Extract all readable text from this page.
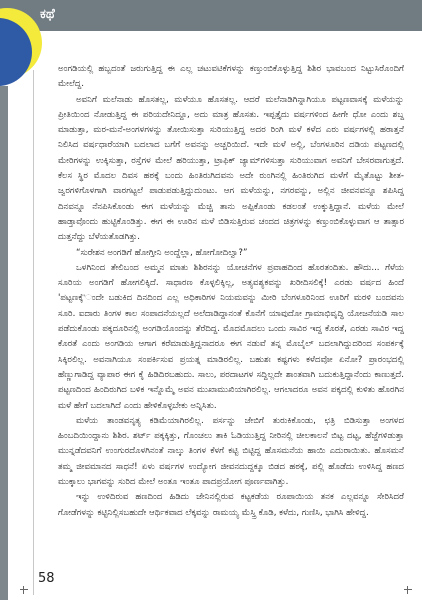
ಕಥೆ

ಅಂಗಡಿಯಲ್ಲಿ ಹಬ್ಬದಂತೆ ಜರುಗುತ್ತಿದ್ದ ಈ ಎಲ್ಲ ಚಟುವಟಿಕೆಗಳನ್ನು ಕಣ್ತುಂಬಿಕೊಳ್ಳುತ್ತಿದ್ದ ಶಿಶಿರ ಭಾವಬಂದ ನಿಟ್ಟುಸಿರೊಂದಿಗೆ ಮೇಲೆದ್ದ.

ಅವನಿಗೆ ಮಲೆನಾಡು ಹೊಸತಲ್ಲ, ಮಳೆಯೂ ಹೊಸತಲ್ಲ. ಆದರೆ ಮಲೆನಾಡಿಗಿನ್ನಾಗಿಯೂ ಪಟ್ಟಣವಾಸಕ್ಕೆ ಮಳೆಯನ್ನು ಪ್ರೀತಿಯಿಂದ ನೋಡುತ್ತಿದ್ದ ಈ ಪರಿಯದೇನಿದ್ದೂ, ಅದು ಮಾತ್ರ ಹೊಸತು. ಇಪ್ಪತ್ತೈದು ವರ್ಷಗಳಿಂದ ಹೀಗೇ ಧೋ ಎಂದು ಶಬ್ದ ಮಾಡುತ್ತಾ, ಮರ-ಮನೆ-ಅಂಗಳಗಳನ್ನು ತೋಯಿಸುತ್ತಾ ಸುರಿಯುತ್ತಿದ್ದ ಅದರ ರಿಂಗಿ ಮಳೆ ಕಳೆದ ಎರು ವರ್ಷಗಳಲ್ಲಿ ಹಠಾತ್ತನೆ ನಿಲಿಸಿದ ವರ್ಷಧಾರೆಯಾಗಿ ಬದಲಾದ ಬಗೆಗೆ ಅವನನ್ನು ಅಚ್ಚರಿಯಿದೆ. ಇದೇ ಮಳೆ ಅಲ್ಲಿ, ಬೆಂಗಳೂರಿನ ದಡಿಯ ಪಟ್ಟಣದಲ್ಲಿ ಮೇರಿಗಳನ್ನು ಉಕ್ಕಿಸುತ್ತಾ, ರಸ್ತೆಗಳ ಮೇಲೆ ಹರಿಯುತ್ತಾ, ಟ್ರಾಫಿಕ್ ಜ್ಯಾಮ್‌ಗಳಿಸುತ್ತಾ ಸುರಿಯುವಾಗ ಅವನಿಗೆ ಬೇಸರವಾಗುತ್ತದೆ. ಕೆಲಸ ಸ್ಥಿರ ಮೊದಲ ದಿವಸ ಹಠಕ್ಕೆ ಬಂದು ಹಿಂತಿರುಗಿದವನು ಅದೇ ರುಂಗಿನಲ್ಲಿ ಹಿಂತಿರುಗಿದ ಮಳೆಗೆ ಮೈತೊಟ್ಟು ಶೀತ-ಜ್ವರಗಳಿಗೊಳಗಾಗಿ ವಾರಗಟ್ಟಲೆ ಪಾಡುಪಡುತ್ತಿದ್ದುದುಂಟು. ಆಗ ಮಳೆಯನ್ನು, ನಗರವನ್ನು, ಅಲ್ಲಿನ ಜೀವನವನ್ನೂ ಶಪಿಸಿದ್ದ ದಿನವನ್ನೂ ನೆನಪಿಸಿಕೊಂಡು ಈಗ ಮಳೆಯನ್ನು ಮೆಚ್ಚಿ ತಾನು ಅಪ್ಪಿಕೊಂಡು ಕಡಲಂತೆ ಉಕ್ಕುತ್ತಿದ್ದಾನೆ. ಮಳೆಯ ಮೇಲೆ ಹಾಡ್ತಾವೊಂದು ಹುಟ್ಟಿಕೊಂಡಿತ್ತು. ಈಗ ಈ ಊರಿನ ಮಳೆ ಬಿಡಿಸುತ್ತಿರುವ ಚಂದದ ಚಿತ್ರಗಳನ್ನು ಕಣ್ತುಂಬಿಕೊಳ್ಳುವಾಗ ಆ ತಾತ್ಸಾರ ದುತ್ತನೆದ್ದು ಬೆಳೆಯತೊಡಗಿತ್ತು.

“ಸುರೇಶನ ಅಂಗಡಿಗೆ ಹೋಗ್ತೀನಿ ಅಂದ್ದೆಲ್ಲಾ, ಹೋಗೋದಿಲ್ವಾ?”

ಒಳಗಿನಿಂದ ತೇಲಿಬಂದ ಅಮ್ಮನ ಮಾತು ಶಿಶಿರನನ್ನು ಯೋಚನೆಗಳ ಪ್ರವಾಹದಿಂದ ಹೊರತಂದಿತು. ಹೌದು... ಗೆಳೆಯ ಸೂರಿಯ ಅಂಗಡಿಗೆ ಹೋಗಲಿಕ್ಕಿದೆ. ಸಾಧಾರಣ ಕೊಳ್ಳಲಿಕ್ಕಿಲ್ಲ, ಅತ್ಯವಶ್ಯಕವನ್ನು ಖರೀದಿಸಲಿಕ್ಕೆ! ಎರಡು ವರ್ಷದ ಹಿಂದೆ 'ಪಟ್ಟಣಕ್ಕೆ'ಂದೇ ಬಡುಕಿದ ದಿನದಿಂದ ಎಲ್ಲ ಅಧಿಕಾರಿಗಳ ನಿಯಮವನ್ನು ಮೀರಿ ಬೆಂಗಳೂರಿನಿಂದ ಊರಿಗೆ ಮರಳಿ ಬಂದವನು ಸೂರಿ. ಐದಾರು ತಿಂಗಳ ಕಾಲ ಸಂಪಾದನೆಯಲ್ಲದೆ ಅಲೆದಾಡಿದ್ದಾನಂತೆ ಕೊನೆಗೆ ಯಾವುದೋ ಗ್ರಾಮಾಭಿವೃದ್ಧಿ ಯೋಜನೆಯಡಿ ಸಾಲ ಪಡೆದುಕೊಂಡು ಪಕ್ಕದೂರಿನಲ್ಲಿ ಅಂಗಡಿಯೊಂದನ್ನು ತೆರೆದಿದ್ದ. ಮೊದಮೊದಲು ಒಂದು ಸಾವಿರ ಇದ್ದ ಕೊರತೆ, ಎರಡು ಸಾವಿರ ಇದ್ದ ಕೊರತೆ ಎಂದು ಅಂಗಡಿಯ ಆಗಾಗ ಕರೆಮಾಡುತ್ತಿದ್ದನಾದರೂ ಈಗ ನಡುವೆ ತನ್ನ ಮೊಬೈಲ್ ಬದಲಾಗಿದ್ದುದರಿಂದ ಸಂಪರ್ಕಕ್ಕೆ ಸಿಕ್ಕಿರಲಿಲ್ಲ. ಅವನಾಗಿಯೂ ಸಂಪರ್ಕಿಸುವ ಪ್ರಯತ್ನ ಮಾಡಿರಲಿಲ್ಲ. ಬಹುಶಃ ಕಷ್ಟಗಳು ಕಳೆದವೋ ಏನೋ? ಪ್ರಾರಂಭದಲ್ಲಿ ಹೆಣ್ಣುಗಾಡಿದ್ದ ವ್ಯಾಪಾರ ಈಗ ಕೈ ಹಿಡಿದಿರಬಹುದು. ಸಾಲು, ಪರದಾಟಗಳ ಸದ್ದಿಲ್ಲದೇ ಶಾಂತವಾಗಿ ಬದುಕುತ್ತಿದ್ದಾನೆಂದು ಕಾಣುತ್ತದೆ. ಪಟ್ಟಣದಿಂದ ಹಿಂದಿರುಗಿದ ಬಳಿಕ ಇನ್ನೊಮ್ಮೆ ಅವನ ಮುಖಾಮುಖಿಯಾಗಿರಲಿಲ್ಲ. ಆಗಲಾದರೂ ಅವನ ಪಕ್ಕದಲ್ಲಿ ಕುಳಿತು ಹೊರಗಿನ ಮಳೆ ಹೇಗೆ ಬದಲಾಗಿದೆ ಎಂದು ಹೇಳಿಕೊಳ್ಳಬೇಕು ಅನ್ನಿಸಿತು.

ಮಳೆಯ ತಾಂಡವನೃತ್ಯ ಕಡಿಮೆಯಾಗಿರಲಿಲ್ಲ. ಪರ್ಸನ್ನು ಜೇಬಿಗೆ ತುರುಕಿಕೊಂಡು, ಛತ್ರಿ ಬಿಡಿಸುತ್ತಾ ಅಂಗಳದ ಹಿಂಬದಿಯಿಂದ್ದಾನು ಶಿಶಿರ. ಶರ್ಟ್ ಪಕ್ಕಕ್ಕಿತ್ತು, ಗೊಂಚಲು ತಾಕಿ ಓಡಿಯುತ್ತಿದ್ದ ನೀರಿನಲ್ಲಿ ಚೀಲಕಾಲನೆ ಬಿಟ್ಟ ದಟ್ಟ, ಹೆಜ್ಜೆಗಳಿಡುತ್ತಾ ಮುನ್ನಡೆದವನಿಗೆ ಉಂಗುರದೊಳಗಿನಂತೆ ನಾಲ್ಕು ತಿಂಗಳ ಕೆಳಗೆ ಕಟ್ಟಿ ಬಿಟ್ಟಿದ್ದ ಹೊಸಮನೆಯ ಹಾಯಿ ಎದುರಾಯಿತು. ಹೊಸಮನೆ ತಮ್ಮ ಜೀವಮಾನದ ಸಾಧನೆ! ಏಳು ವರ್ಷಗಳ ಉದ್ಯೋಗ ಜೀವನದುದ್ದಕ್ಕೂ ಬಿಡದ ಹಠಕ್ಕೆ, ಪಲ್ಲಿ ಹೊಡೆದು ಉಳಿಸಿದ್ದ ಹಣದ ಮುಕ್ಕಾಲು ಭಾಗವನ್ನು ಸುರಿದ ಮೇಲೆ ಅಂತೂ ಇಂತೂ ಪಾದಪ್ರಯೋಗ ಪೂರ್ಣವಾಗಿತ್ತು.

ಇನ್ನು ಉಳಿದಿರುವ ಹಣದಿಂದ ಹಿಡಿದು ಜೇನಿನಲ್ಲಿರುವ ಕಟ್ಟಕಡೆಯ ರೂಪಾಯಿಯ ತನಕ ಎಲ್ಲವನ್ನೂ ಸೇರಿಸಿದರೆ ಗೋಡೆಗಳನ್ನು ಕಟ್ಟಿನಿಲ್ಲಿಸಬಹುದೇ ಆರ್ಥಿಕವಾದ ಲೆಕ್ಕವನ್ನು ರಾಮಯ್ಯ ಮೆಸ್ತ್ರಿ ಕೊಡಿ, ಕಳೆದು, ಗುಣಿಸಿ, ಭಾಗಿಸಿ ಹೇಳಿದ್ದ.

58
